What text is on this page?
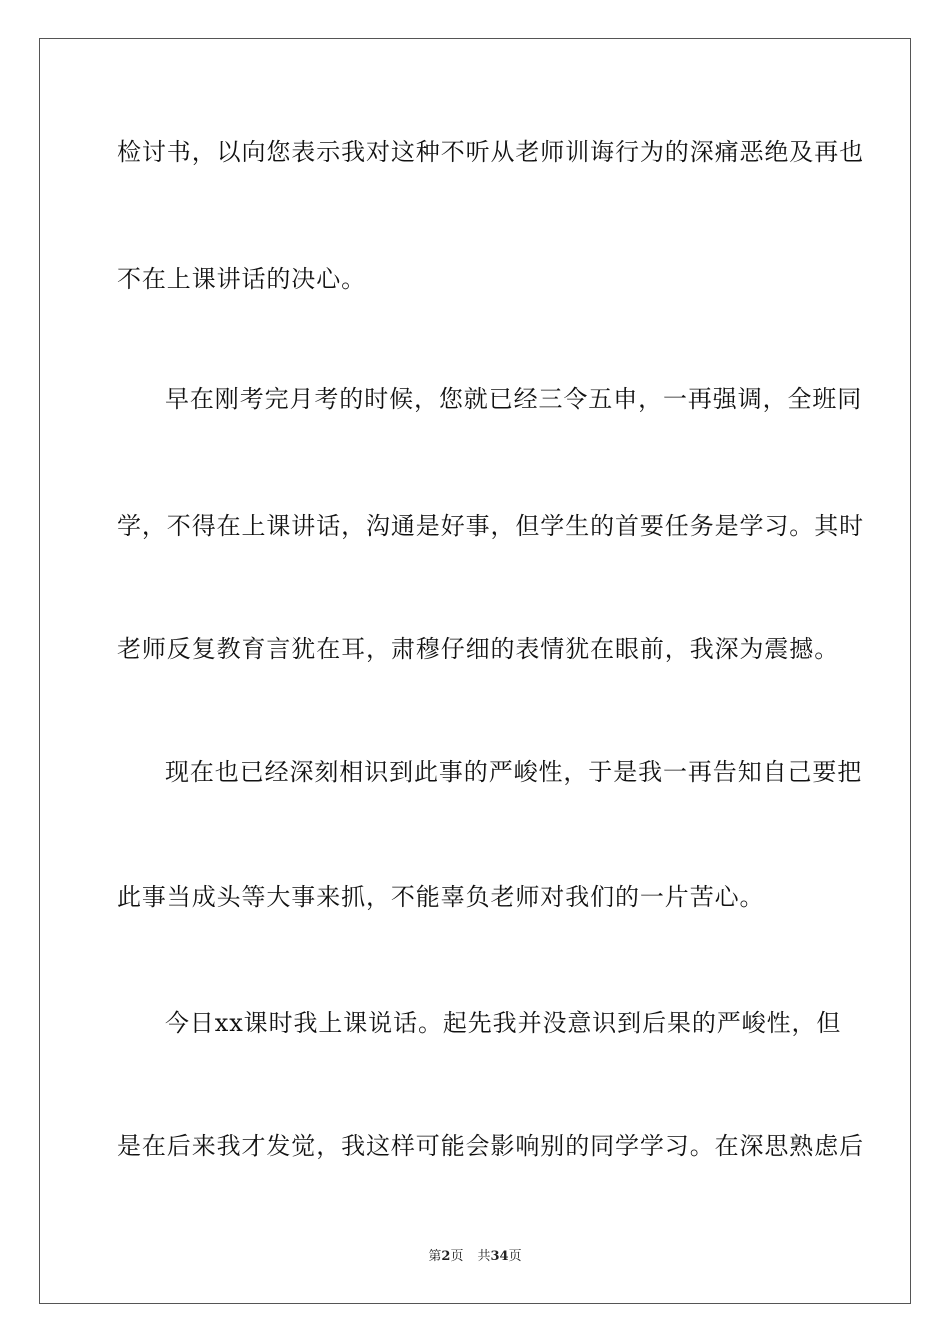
检讨书，以向您表示我对这种不听从老师训诲行为的深痛恶绝及再也
不在上课讲话的决心。
早在刚考完月考的时候，您就已经三令五申，一再强调，全班同
学，不得在上课讲话，沟通是好事，但学生的首要任务是学习。其时
老师反复教育言犹在耳，肃穆仔细的表情犹在眼前，我深为震撼。
现在也已经深刻相识到此事的严峻性，于是我一再告知自己要把
此事当成头等大事来抓，不能辜负老师对我们的一片苦心。
今日xx课时我上课说话。起先我并没意识到后果的严峻性，但
是在后来我才发觉，我这样可能会影响别的同学学习。在深思熟虑后
第2页 共34页
